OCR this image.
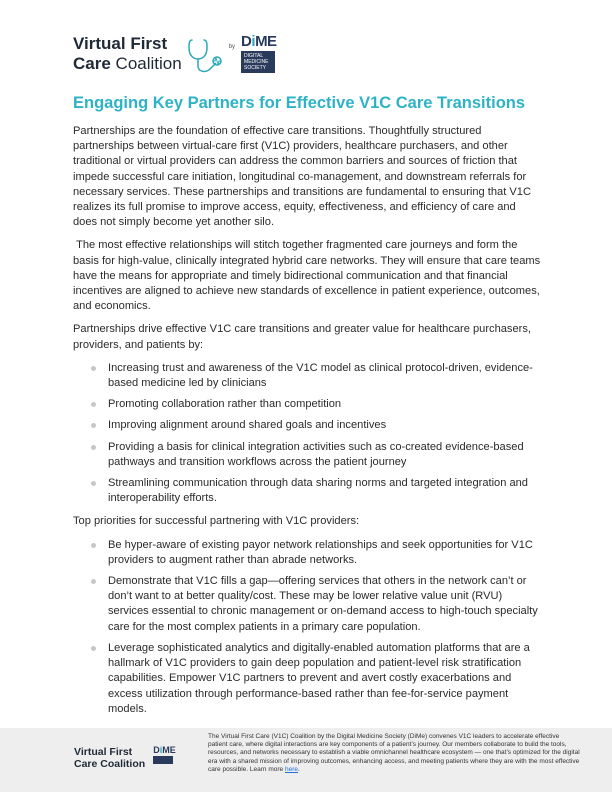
Virtual First
Care Coalition
by DiME
DIGITAL
MEDICINE
SOCIETY
Engaging Key Partners for Effective V1C Care Transitions

Partnerships are the foundation of effective care transitions. Thoughtfully structured partnerships between virtual-care first (V1C) providers, healthcare purchasers, and other traditional or virtual providers can address the common barriers and sources of friction that impede successful care initiation, longitudinal co-management, and downstream referrals for necessary services. These partnerships and transitions are fundamental to ensuring that V1C realizes its full promise to improve access, equity, effectiveness, and efficiency of care and does not simply become yet another silo.

The most effective relationships will stitch together fragmented care journeys and form the basis for high-value, clinically integrated hybrid care networks. They will ensure that care teams have the means for appropriate and timely bidirectional communication and that financial incentives are aligned to achieve new standards of excellence in patient experience, outcomes, and economics.

Partnerships drive effective V1C care transitions and greater value for healthcare purchasers, providers, and patients by:

Increasing trust and awareness of the V1C model as clinical protocol-driven, evidence-based medicine led by clinicians
Promoting collaboration rather than competition
Improving alignment around shared goals and incentives
Providing a basis for clinical integration activities such as co-created evidence-based pathways and transition workflows across the patient journey
Streamlining communication through data sharing norms and targeted integration and interoperability efforts.

Top priorities for successful partnering with V1C providers:

Be hyper-aware of existing payor network relationships and seek opportunities for V1C providers to augment rather than abrade networks.
Demonstrate that V1C fills a gap—offering services that others in the network can’t or don’t want to at better quality/cost. These may be lower relative value unit (RVU) services essential to chronic management or on-demand access to high-touch specialty care for the most complex patients in a primary care population.
Leverage sophisticated analytics and digitally-enabled automation platforms that are a hallmark of V1C providers to gain deep population and patient-level risk stratification capabilities. Empower V1C partners to prevent and avert costly exacerbations and excess utilization through performance-based rather than fee-for-service payment models.
Virtual First
Care Coalition
DiME
The Virtual First Care (V1C) Coalition by the Digital Medicine Society (DiMe) convenes V1C leaders to accelerate effective patient care, where digital interactions are key components of a patient’s journey. Our members collaborate to build the tools, resources, and networks necessary to establish a viable omnichannel healthcare ecosystem — one that’s optimized for the digital era with a shared mission of improving outcomes, enhancing access, and meeting patients where they are with the most effective care possible. Learn more here.
